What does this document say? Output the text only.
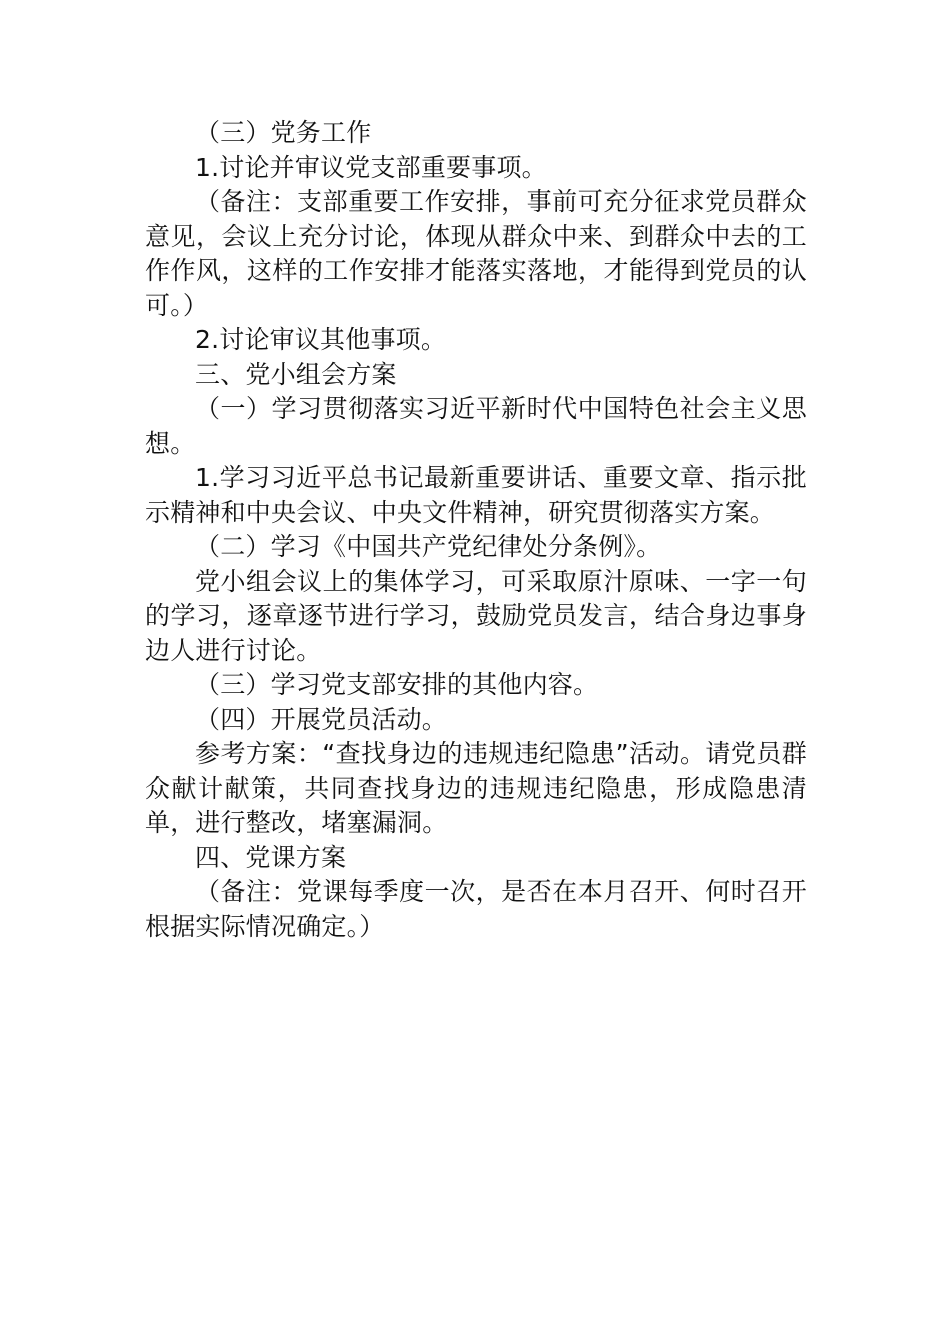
（三）党务工作

1.讨论并审议党支部重要事项。

（备注：支部重要工作安排，事前可充分征求党员群众意见，会议上充分讨论，体现从群众中来、到群众中去的工作作风，这样的工作安排才能落实落地，才能得到党员的认可。）

2.讨论审议其他事项。

三、党小组会方案

（一）学习贯彻落实习近平新时代中国特色社会主义思想。

1.学习习近平总书记最新重要讲话、重要文章、指示批示精神和中央会议、中央文件精神，研究贯彻落实方案。

（二）学习《中国共产党纪律处分条例》。

党小组会议上的集体学习，可采取原汁原味、一字一句的学习，逐章逐节进行学习，鼓励党员发言，结合身边事身边人进行讨论。

（三）学习党支部安排的其他内容。

（四）开展党员活动。

参考方案：“查找身边的违规违纪隐患”活动。请党员群众献计献策，共同查找身边的违规违纪隐患，形成隐患清单，进行整改，堵塞漏洞。

四、党课方案

（备注：党课每季度一次，是否在本月召开、何时召开根据实际情况确定。）
